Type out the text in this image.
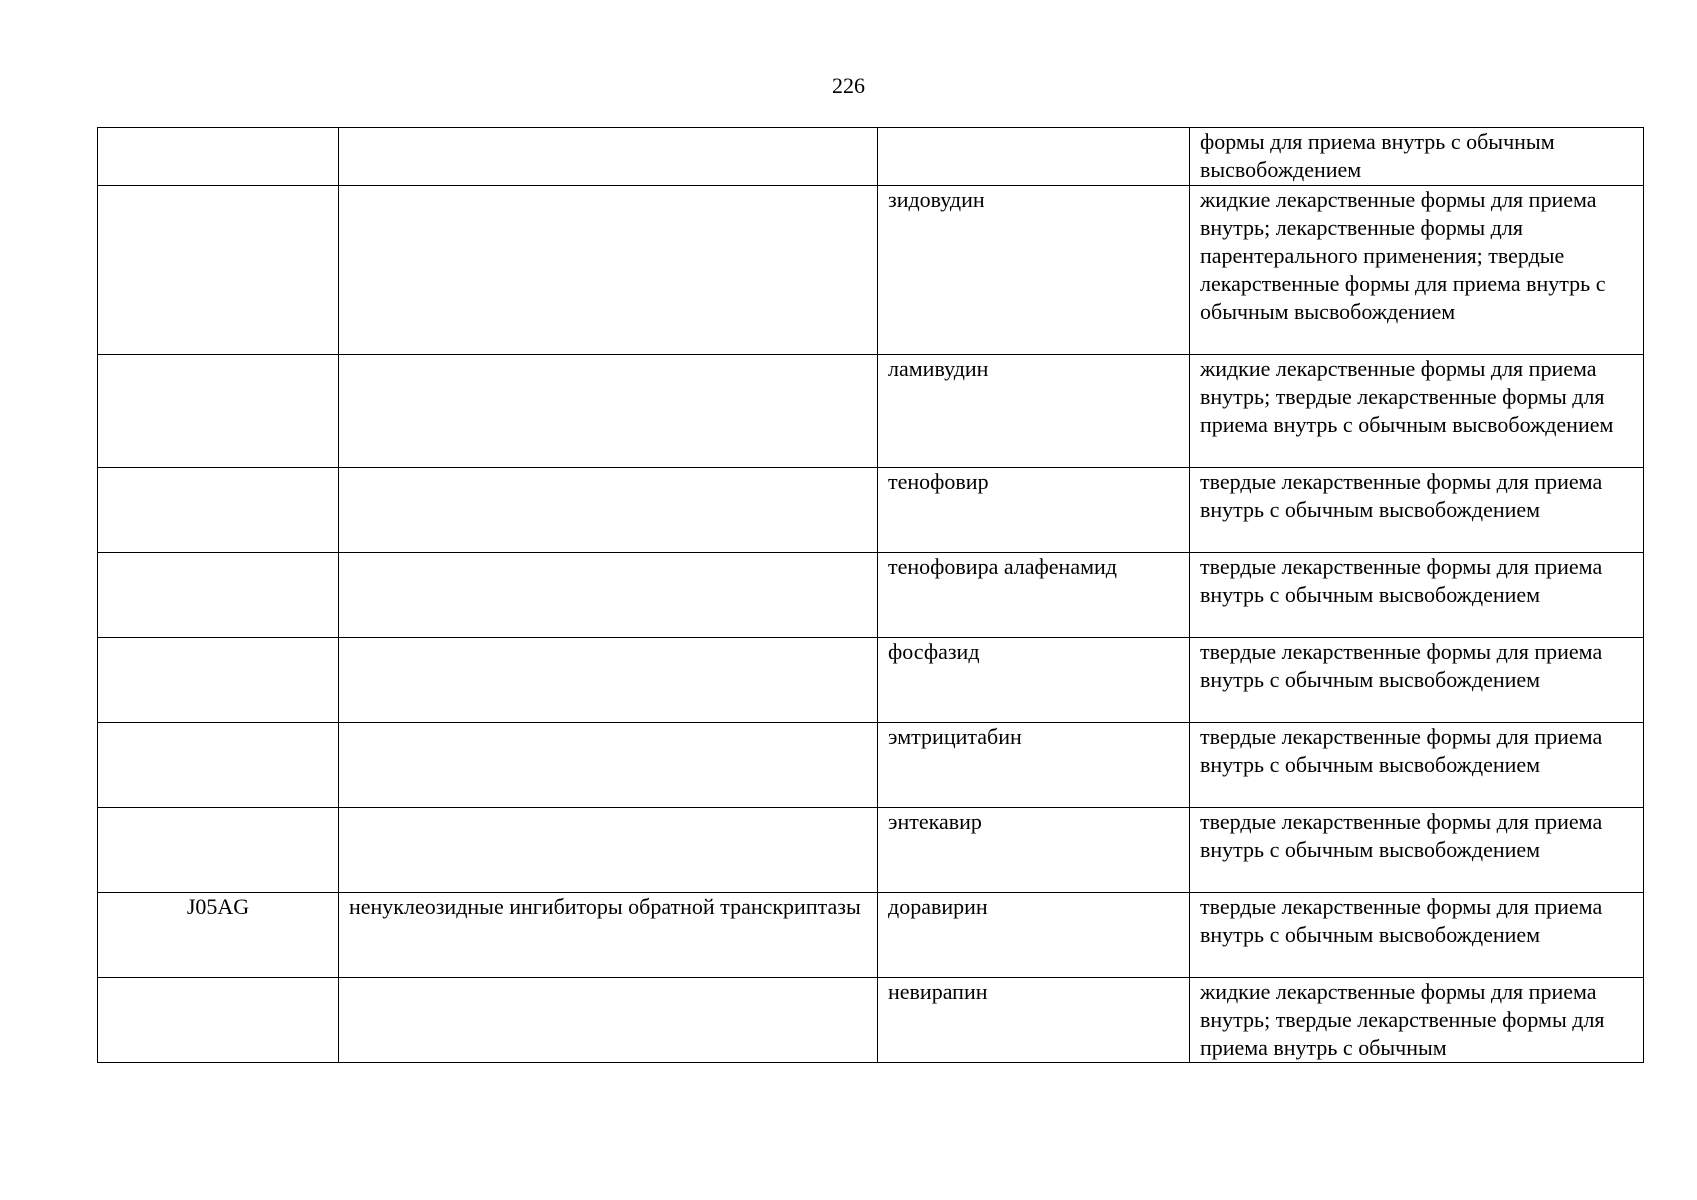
226
			формы для приема внутрь с обычным высвобождением
		зидовудин	жидкие лекарственные формы для приема внутрь; лекарственные формы для парентерального применения; твердые лекарственные формы для приема внутрь с обычным высвобождением
		ламивудин	жидкие лекарственные формы для приема внутрь; твердые лекарственные формы для приема внутрь с обычным высвобождением
		тенофовир	твердые лекарственные формы для приема внутрь с обычным высвобождением
		тенофовира алафенамид	твердые лекарственные формы для приема внутрь с обычным высвобождением
		фосфазид	твердые лекарственные формы для приема внутрь с обычным высвобождением
		эмтрицитабин	твердые лекарственные формы для приема внутрь с обычным высвобождением
		энтекавир	твердые лекарственные формы для приема внутрь с обычным высвобождением
J05AG	ненуклеозидные ингибиторы обратной транскриптазы	доравирин	твердые лекарственные формы для приема внутрь с обычным высвобождением
		невирапин	жидкие лекарственные формы для приема внутрь; твердые лекарственные формы для приема внутрь с обычным
